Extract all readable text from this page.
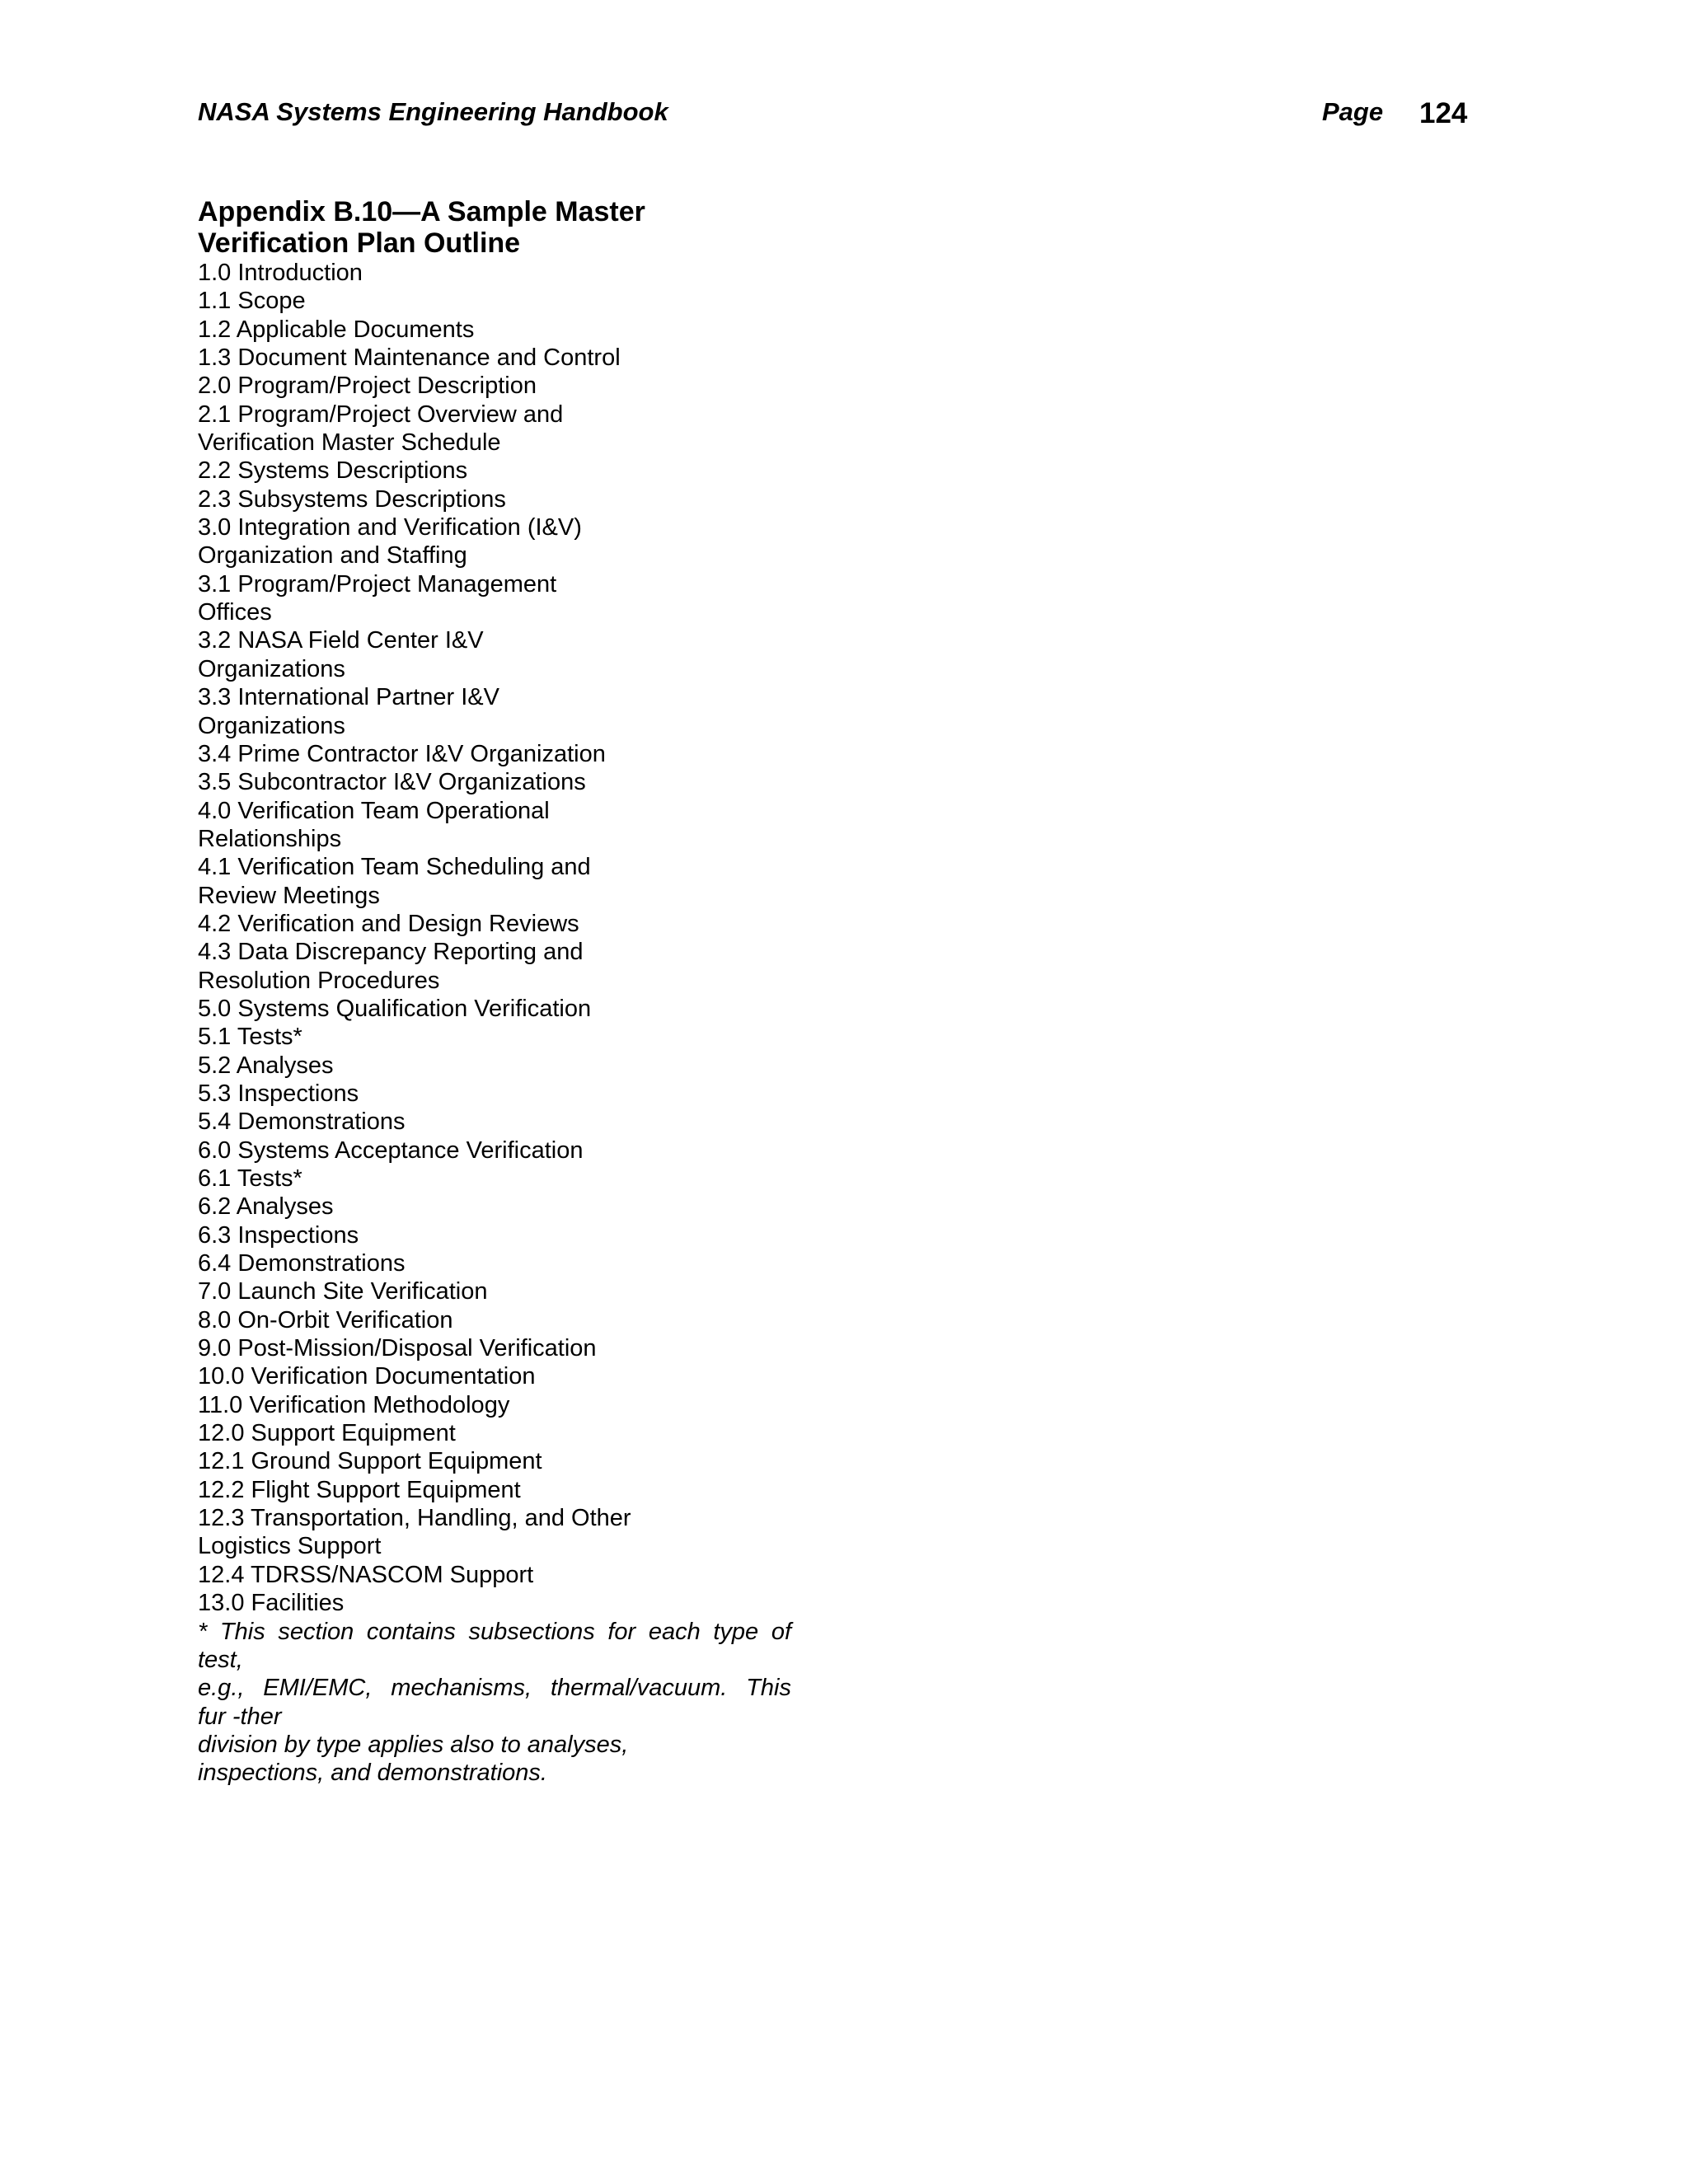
NASA Systems Engineering Handbook	Page 124
Appendix B.10—A Sample Master
Verification Plan Outline
1.0 Introduction
1.1 Scope
1.2 Applicable Documents
1.3 Document Maintenance and Control
2.0 Program/Project Description
2.1 Program/Project Overview and
Verification Master Schedule
2.2 Systems Descriptions
2.3 Subsystems Descriptions
3.0 Integration and Verification (I&V)
Organization and Staffing
3.1 Program/Project Management
Offices
3.2 NASA Field Center I&V
Organizations
3.3 International Partner I&V
Organizations
3.4 Prime Contractor I&V Organization
3.5 Subcontractor I&V Organizations
4.0 Verification Team Operational
Relationships
4.1 Verification Team Scheduling and
Review Meetings
4.2 Verification and Design Reviews
4.3 Data Discrepancy Reporting and
Resolution Procedures
5.0 Systems Qualification Verification
5.1 Tests*
5.2 Analyses
5.3 Inspections
5.4 Demonstrations
6.0 Systems Acceptance Verification
6.1 Tests*
6.2 Analyses
6.3 Inspections
6.4 Demonstrations
7.0 Launch Site Verification
8.0 On-Orbit Verification
9.0 Post-Mission/Disposal Verification
10.0 Verification Documentation
11.0 Verification Methodology
12.0 Support Equipment
12.1 Ground Support Equipment
12.2 Flight Support Equipment
12.3 Transportation, Handling, and Other
Logistics Support
12.4 TDRSS/NASCOM Support
13.0 Facilities

* This section contains subsections for each type of
test,
e.g., EMI/EMC, mechanisms, thermal/vacuum. This
fur -ther
division by type applies also to analyses,
inspections, and demonstrations.
